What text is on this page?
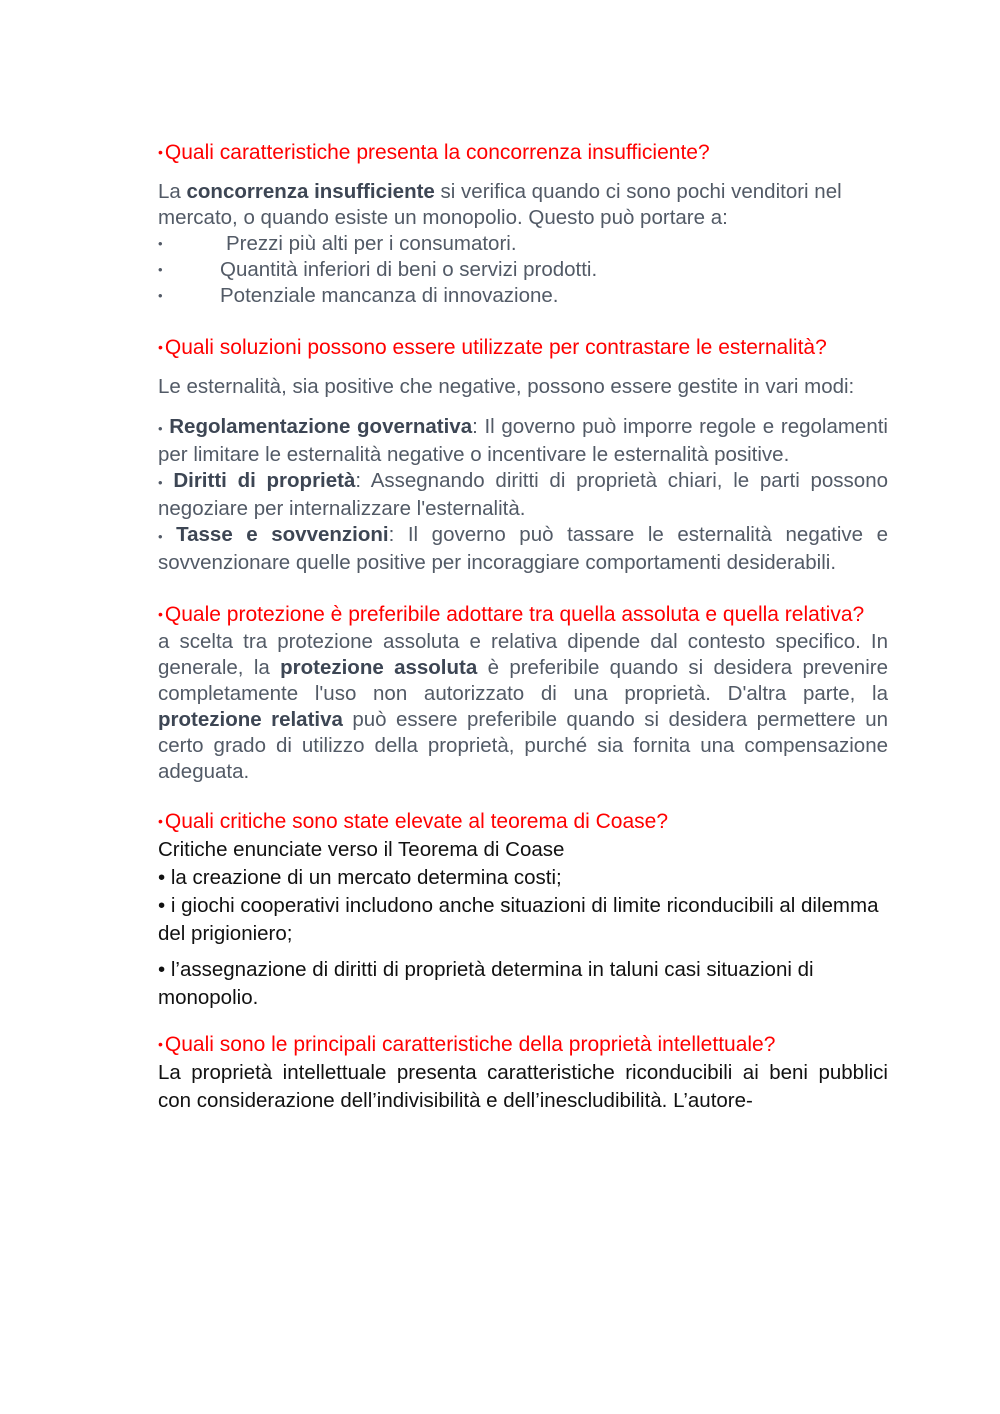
•Quali caratteristiche presenta la concorrenza insufficiente?

La concorrenza insufficiente si verifica quando ci sono pochi venditori nel mercato, o quando esiste un monopolio. Questo può portare a:

•	Prezzi più alti per i consumatori.
•	Quantità inferiori di beni o servizi prodotti.
•	Potenziale mancanza di innovazione.

•Quali soluzioni possono essere utilizzate per contrastare le esternalità?

Le esternalità, sia positive che negative, possono essere gestite in vari modi:

• Regolamentazione governativa: Il governo può imporre regole e regolamenti per limitare le esternalità negative o incentivare le esternalità positive.

• Diritti di proprietà: Assegnando diritti di proprietà chiari, le parti possono negoziare per internalizzare l'esternalità.

• Tasse e sovvenzioni: Il governo può tassare le esternalità negative e sovvenzionare quelle positive per incoraggiare comportamenti desiderabili.

•Quale protezione è preferibile adottare tra quella assoluta e quella relativa?

a scelta tra protezione assoluta e relativa dipende dal contesto specifico. In generale, la protezione assoluta è preferibile quando si desidera prevenire completamente l'uso non autorizzato di una proprietà. D'altra parte, la protezione relativa può essere preferibile quando si desidera permettere un certo grado di utilizzo della proprietà, purché sia fornita una compensazione adeguata.

•Quali critiche sono state elevate al teorema di Coase?

Critiche enunciate verso il Teorema di Coase

• la creazione di un mercato determina costi;

• i giochi cooperativi includono anche situazioni di limite riconducibili al dilemma del prigioniero;

• l’assegnazione di diritti di proprietà determina in taluni casi situazioni di monopolio.

•Quali sono le principali caratteristiche della proprietà intellettuale?

La proprietà intellettuale presenta caratteristiche riconducibili ai beni pubblici con considerazione dell’indivisibilità e dell’inescludibilità. L’autore-
